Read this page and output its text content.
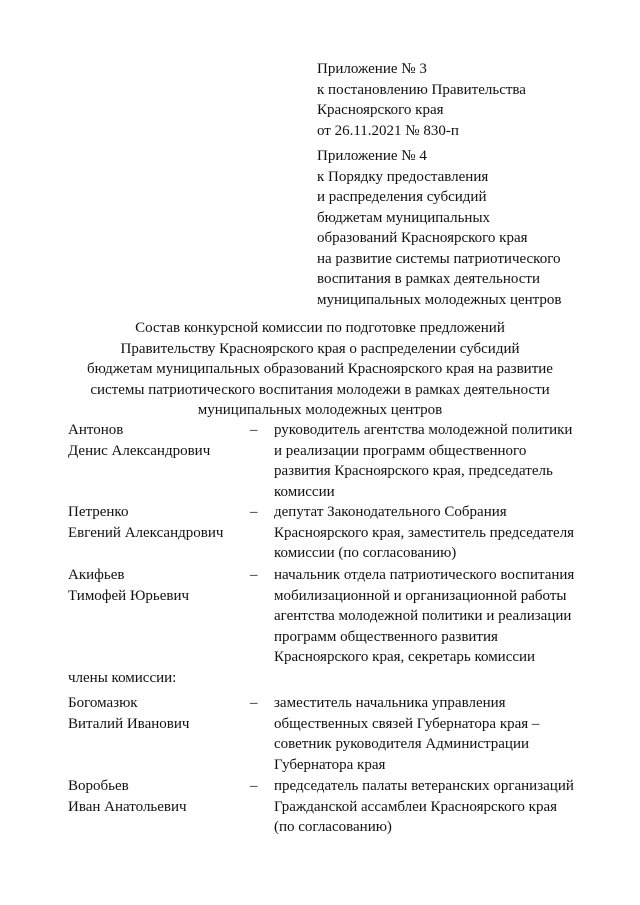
Приложение № 3
к постановлению Правительства
Красноярского края
от 26.11.2021 № 830-п
Приложение № 4
к Порядку предоставления
и распределения субсидий
бюджетам муниципальных
образований Красноярского края
на развитие системы патриотического
воспитания в рамках деятельности
муниципальных молодежных центров
Состав конкурсной комиссии по подготовке предложений
Правительству Красноярского края о распределении субсидий
бюджетам муниципальных образований Красноярского края на развитие
системы патриотического воспитания молодежи в рамках деятельности
муниципальных молодежных центров
Антонов
Денис Александрович
– руководитель агентства молодежной политики
и реализации программ общественного
развития Красноярского края, председатель
комиссии
Петренко
Евгений Александрович
– депутат Законодательного Собрания
Красноярского края, заместитель председателя
комиссии (по согласованию)
Акифьев
Тимофей Юрьевич
– начальник отдела патриотического воспитания
мобилизационной и организационной работы
агентства молодежной политики и реализации
программ общественного развития
Красноярского края, секретарь комиссии
члены комиссии:
Богомазюк
Виталий Иванович
– заместитель начальника управления
общественных связей Губернатора края –
советник руководителя Администрации
Губернатора края
Воробьев
Иван Анатольевич
– председатель палаты ветеранских организаций
Гражданской ассамблеи Красноярского края
(по согласованию)
